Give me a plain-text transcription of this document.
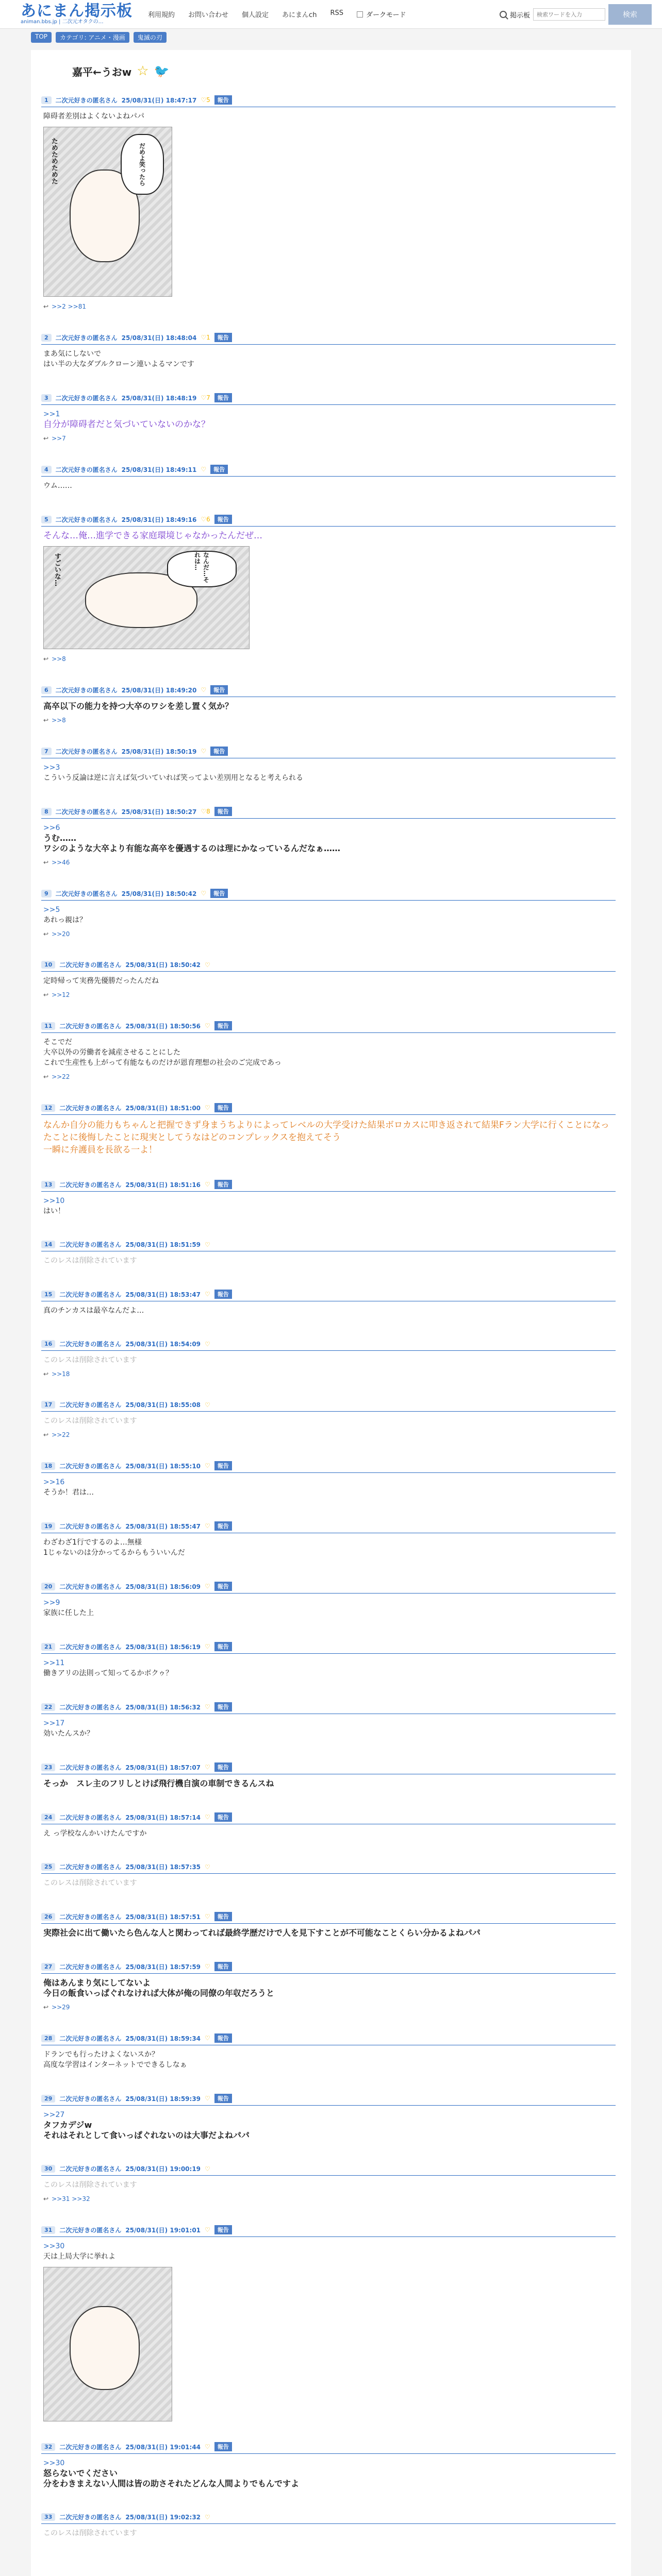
あにまん掲示板
animan.bbs.jp | 二次元オタクの…
利用規約 お問い合わせ 個人設定 あにまんch RSS	ダークモード	掲示板
検索ワードを入力	検索
TOP	カテゴリ: アニメ・漫画	鬼滅の刃
嘉平←うおw ☆ 🐦
1	二次元好きの匿名さん 25/08/31(日) 18:47:17 ♡5	報告
障碍者差別はよくないよねパパ
だめよ笑ったら
ためためためた
↩ >>2 >>81
2	二次元好きの匿名さん 25/08/31(日) 18:48:04 ♡1	報告
まあ気にしないで
はい半の大なダブルクローン連いよるマンです
3	二次元好きの匿名さん 25/08/31(日) 18:48:19 ♡7	報告
>>1
自分が障碍者だと気づいていないのかな？
↩ >>7
4	二次元好きの匿名さん 25/08/31(日) 18:49:11 ♡	報告
ウム……
5	二次元好きの匿名さん 25/08/31(日) 18:49:16 ♡6	報告
そんな…俺…進学できる家庭環境じゃなかったんだぜ…
なんだ…それは…
すごいな…
↩ >>8
6	二次元好きの匿名さん 25/08/31(日) 18:49:20 ♡	報告
高卒以下の能力を持つ大卒のワシを差し置く気か？
↩ >>8
7	二次元好きの匿名さん 25/08/31(日) 18:50:19 ♡	報告
>>3
こういう反論は逆に言えば気づいていれば笑ってよい差別用となると考えられる
8	二次元好きの匿名さん 25/08/31(日) 18:50:27 ♡8	報告
>>6
うむ……
ワシのような大卒より有能な高卒を優遇するのは理にかなっているんだなぁ……
↩ >>46
9	二次元好きの匿名さん 25/08/31(日) 18:50:42 ♡	報告
>>5
あれっ親は？
↩ >>20
10	二次元好きの匿名さん 25/08/31(日) 18:50:42 ♡
定時帰って実務先優勝だったんだね
↩ >>12
11	二次元好きの匿名さん 25/08/31(日) 18:50:56 ♡	報告
そこでだ
大卒以外の労働者を減産させることにした
これで生産性も上がって有能なものだけが恩育理想の社会のご完成であっ
↩ >>22
12	二次元好きの匿名さん 25/08/31(日) 18:51:00 ♡	報告
なんか自分の能力もちゃんと把握できず身まうちよりによってレベルの大学受けた結果ボロカスに叩き返されて結果Fラン大学に行くことになったことに後悔したことに現実としてうなはどのコンプレックスを抱えてそう
一瞬に弁護員を長欲る一よ！
13	二次元好きの匿名さん 25/08/31(日) 18:51:16 ♡	報告
>>10
はい！
14	二次元好きの匿名さん 25/08/31(日) 18:51:59 ♡
このレスは削除されています
15	二次元好きの匿名さん 25/08/31(日) 18:53:47 ♡	報告
真のチンカスは最卒なんだよ…
16	二次元好きの匿名さん 25/08/31(日) 18:54:09 ♡
このレスは削除されています
↩ >>18
17	二次元好きの匿名さん 25/08/31(日) 18:55:08 ♡
このレスは削除されています
↩ >>22
18	二次元好きの匿名さん 25/08/31(日) 18:55:10 ♡	報告
>>16
そうか！君は…
19	二次元好きの匿名さん 25/08/31(日) 18:55:47 ♡	報告
わざわざ1行でするのよ…無様
1じゃないのは分かってるからもういいんだ
20	二次元好きの匿名さん 25/08/31(日) 18:56:09 ♡	報告
>>9
家族に任した上
21	二次元好きの匿名さん 25/08/31(日) 18:56:19 ♡	報告
>>11
働きアリの法則って知ってるかボクゥ？
22	二次元好きの匿名さん 25/08/31(日) 18:56:32 ♡	報告
>>17
効いたんスか？
23	二次元好きの匿名さん 25/08/31(日) 18:57:07 ♡	報告
そっか　スレ主のフリしとけば飛行機自演の車制できるんスね
24	二次元好きの匿名さん 25/08/31(日) 18:57:14 ♡	報告
え っ学校なんかいけたんですか
25	二次元好きの匿名さん 25/08/31(日) 18:57:35 ♡
このレスは削除されています
26	二次元好きの匿名さん 25/08/31(日) 18:57:51 ♡	報告
実際社会に出て働いたら色んな人と関わってれば最終学歴だけで人を見下すことが不可能なことくらい分かるよねパパ
27	二次元好きの匿名さん 25/08/31(日) 18:57:59 ♡	報告
俺はあんまり気にしてないよ
今日の飯食いっぱぐれなければ大体が俺の同僚の年収だろうと
↩ >>29
28	二次元好きの匿名さん 25/08/31(日) 18:59:34 ♡	報告
ドランでも行ったけよくないスか？
高度な学習はインターネットでできるしなぁ
29	二次元好きの匿名さん 25/08/31(日) 18:59:39 ♡	報告
>>27
タフカデジw
それはそれとして食いっぱぐれないのは大事だよねパパ
30	二次元好きの匿名さん 25/08/31(日) 19:00:19 ♡
このレスは削除されています
↩ >>31 >>32
31	二次元好きの匿名さん 25/08/31(日) 19:01:01 ♡	報告
>>30
天は上局大学に挙れよ
32	二次元好きの匿名さん 25/08/31(日) 19:01:44 ♡	報告
>>30
怒らないでください
分をわきまえない人間は皆の助さそれたどんな人間よりでもんですよ
33	二次元好きの匿名さん 25/08/31(日) 19:02:32 ♡
このレスは削除されています
